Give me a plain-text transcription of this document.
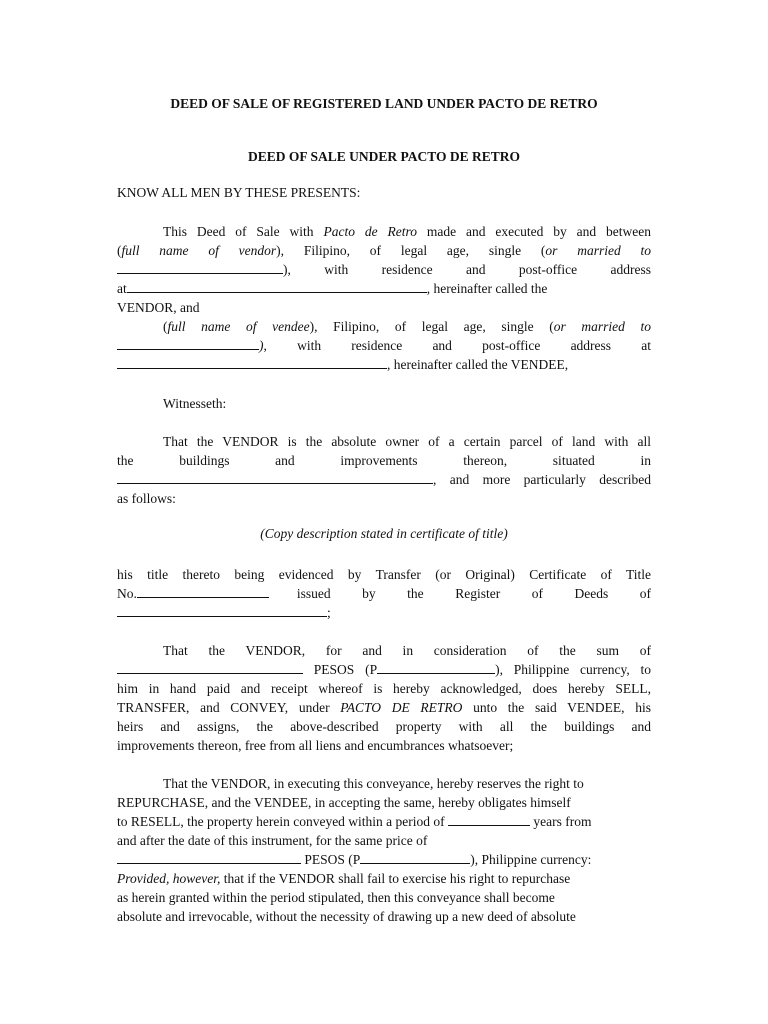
DEED OF SALE OF REGISTERED LAND UNDER PACTO DE RETRO
DEED OF SALE UNDER PACTO DE RETRO
KNOW ALL MEN BY THESE PRESENTS:
This Deed of Sale with Pacto de Retro made and executed by and between
(full name of vendor), Filipino, of legal age, single (or married to
), with residence and post-office address
at	, hereinafter called the
VENDOR, and
(full name of vendee), Filipino, of legal age, single (or married to
), with residence and post-office address at
, hereinafter called the VENDEE,
Witnesseth:
That the VENDOR is the absolute owner of a certain parcel of land with all
the buildings and improvements thereon, situated in
, and more particularly described
as follows:
(Copy description stated in certificate of title)
his title thereto being evidenced by Transfer (or Original) Certificate of Title
No.	issued by the Register of Deeds of
;
That the VENDOR, for and in consideration of the sum of
PESOS (P	), Philippine currency, to
him in hand paid and receipt whereof is hereby acknowledged, does hereby SELL,
TRANSFER, and CONVEY, under PACTO DE RETRO unto the said VENDEE, his
heirs and assigns, the above-described property with all the buildings and
improvements thereon, free from all liens and encumbrances whatsoever;
That the VENDOR, in executing this conveyance, hereby reserves the right to
REPURCHASE, and the VENDEE, in accepting the same, hereby obligates himself
to RESELL, the property herein conveyed within a period of	years from
and after the date of this instrument, for the same price of
PESOS (P	), Philippine currency:
Provided, however, that if the VENDOR shall fail to exercise his right to repurchase
as herein granted within the period stipulated, then this conveyance shall become
absolute and irrevocable, without the necessity of drawing up a new deed of absolute
